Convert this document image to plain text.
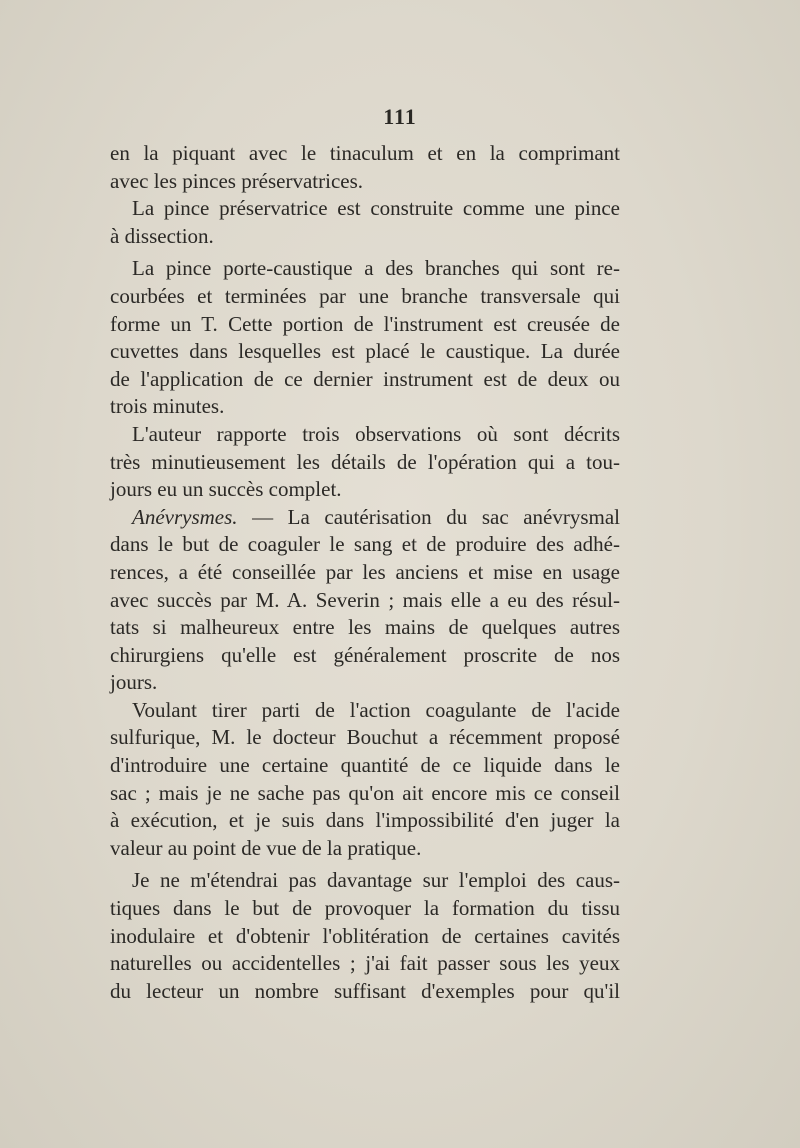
111
en la piquant avec le tinaculum et en la comprimant
avec les pinces préservatrices.
La pince préservatrice est construite comme une pince
à dissection.
La pince porte-caustique a des branches qui sont re-
courbées et terminées par une branche transversale qui
forme un T. Cette portion de l'instrument est creusée de
cuvettes dans lesquelles est placé le caustique. La durée
de l'application de ce dernier instrument est de deux ou
trois minutes.
L'auteur rapporte trois observations où sont décrits
très minutieusement les détails de l'opération qui a tou-
jours eu un succès complet.
Anévrysmes. — La cautérisation du sac anévrysmal
dans le but de coaguler le sang et de produire des adhé-
rences, a été conseillée par les anciens et mise en usage
avec succès par M. A. Severin ; mais elle a eu des résul-
tats si malheureux entre les mains de quelques autres
chirurgiens qu'elle est généralement proscrite de nos
jours.
Voulant tirer parti de l'action coagulante de l'acide
sulfurique, M. le docteur Bouchut a récemment proposé
d'introduire une certaine quantité de ce liquide dans le
sac ; mais je ne sache pas qu'on ait encore mis ce conseil
à exécution, et je suis dans l'impossibilité d'en juger la
valeur au point de vue de la pratique.
Je ne m'étendrai pas davantage sur l'emploi des caus-
tiques dans le but de provoquer la formation du tissu
inodulaire et d'obtenir l'oblitération de certaines cavités
naturelles ou accidentelles ; j'ai fait passer sous les yeux
du lecteur un nombre suffisant d'exemples pour qu'il
